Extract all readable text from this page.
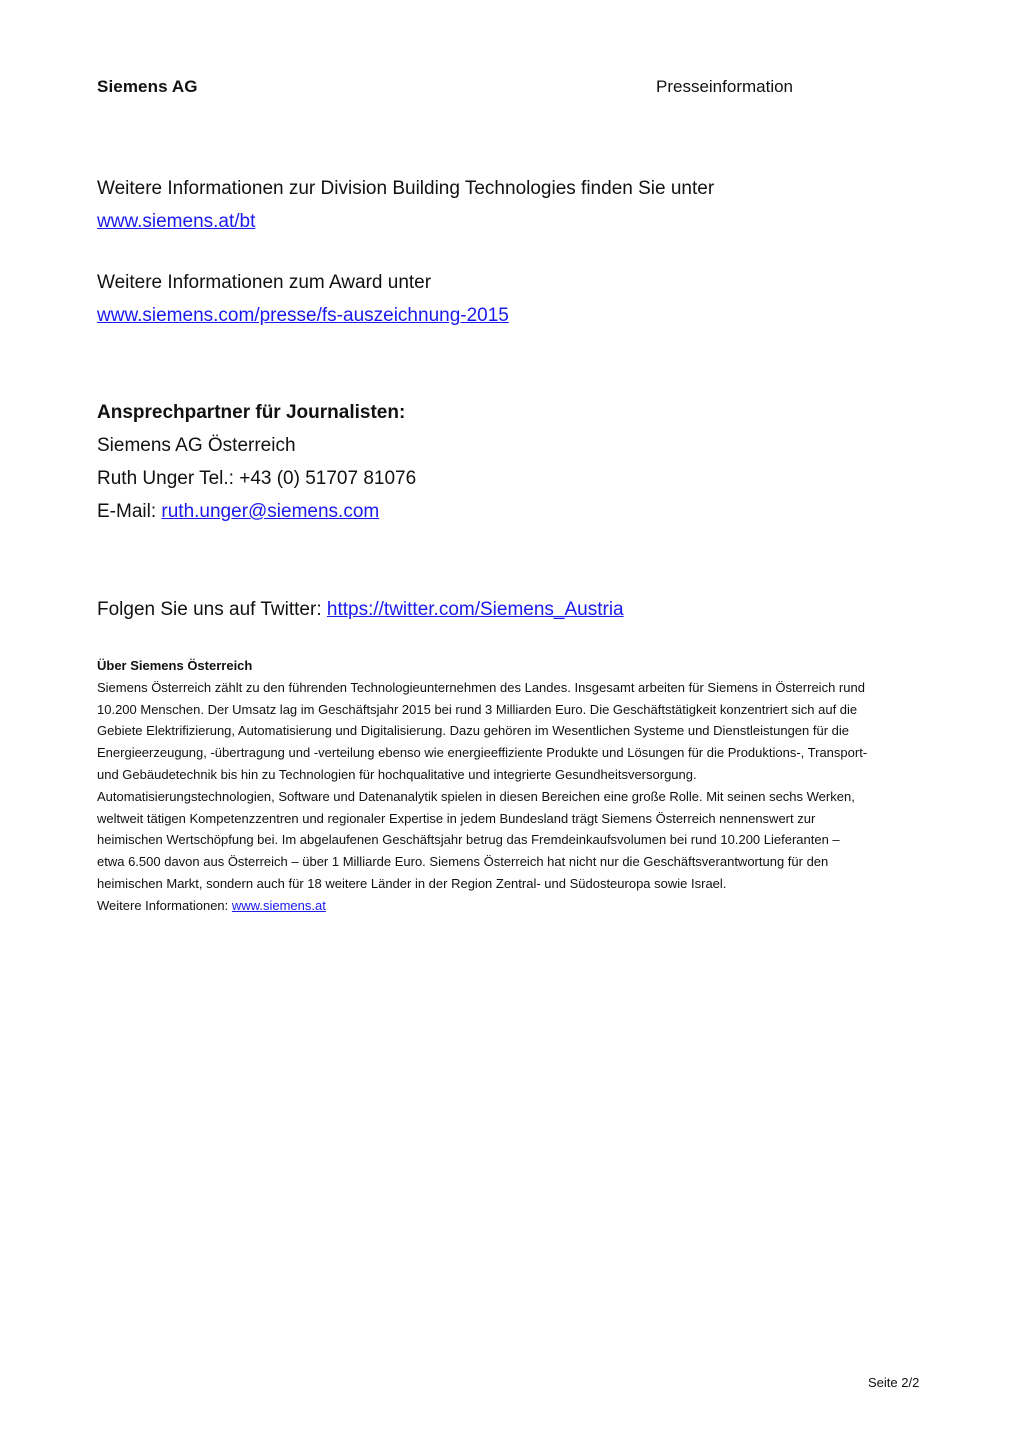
Siemens AG	Presseinformation
Weitere Informationen zur Division Building Technologies finden Sie unter
www.siemens.at/bt
Weitere Informationen zum Award unter
www.siemens.com/presse/fs-auszeichnung-2015
Ansprechpartner für Journalisten:
Siemens AG Österreich
Ruth Unger Tel.: +43 (0) 51707 81076
E-Mail: ruth.unger@siemens.com
Folgen Sie uns auf Twitter: https://twitter.com/Siemens_Austria
Über Siemens Österreich
Siemens Österreich zählt zu den führenden Technologieunternehmen des Landes. Insgesamt arbeiten für Siemens in Österreich rund
10.200 Menschen. Der Umsatz lag im Geschäftsjahr 2015 bei rund 3 Milliarden Euro. Die Geschäftstätigkeit konzentriert sich auf die
Gebiete Elektrifizierung, Automatisierung und Digitalisierung. Dazu gehören im Wesentlichen Systeme und Dienstleistungen für die
Energieerzeugung, -übertragung und -verteilung ebenso wie energieeffiziente Produkte und Lösungen für die Produktions-, Transport-
und Gebäudetechnik bis hin zu Technologien für hochqualitative und integrierte Gesundheitsversorgung.
Automatisierungstechnologien, Software und Datenanalytik spielen in diesen Bereichen eine große Rolle. Mit seinen sechs Werken,
weltweit tätigen Kompetenzzentren und regionaler Expertise in jedem Bundesland trägt Siemens Österreich nennenswert zur
heimischen Wertschöpfung bei. Im abgelaufenen Geschäftsjahr betrug das Fremdeinkaufsvolumen bei rund 10.200 Lieferanten –
etwa 6.500 davon aus Österreich – über 1 Milliarde Euro. Siemens Österreich hat nicht nur die Geschäftsverantwortung für den
heimischen Markt, sondern auch für 18 weitere Länder in der Region Zentral- und Südosteuropa sowie Israel.
Weitere Informationen: www.siemens.at
Seite 2/2
